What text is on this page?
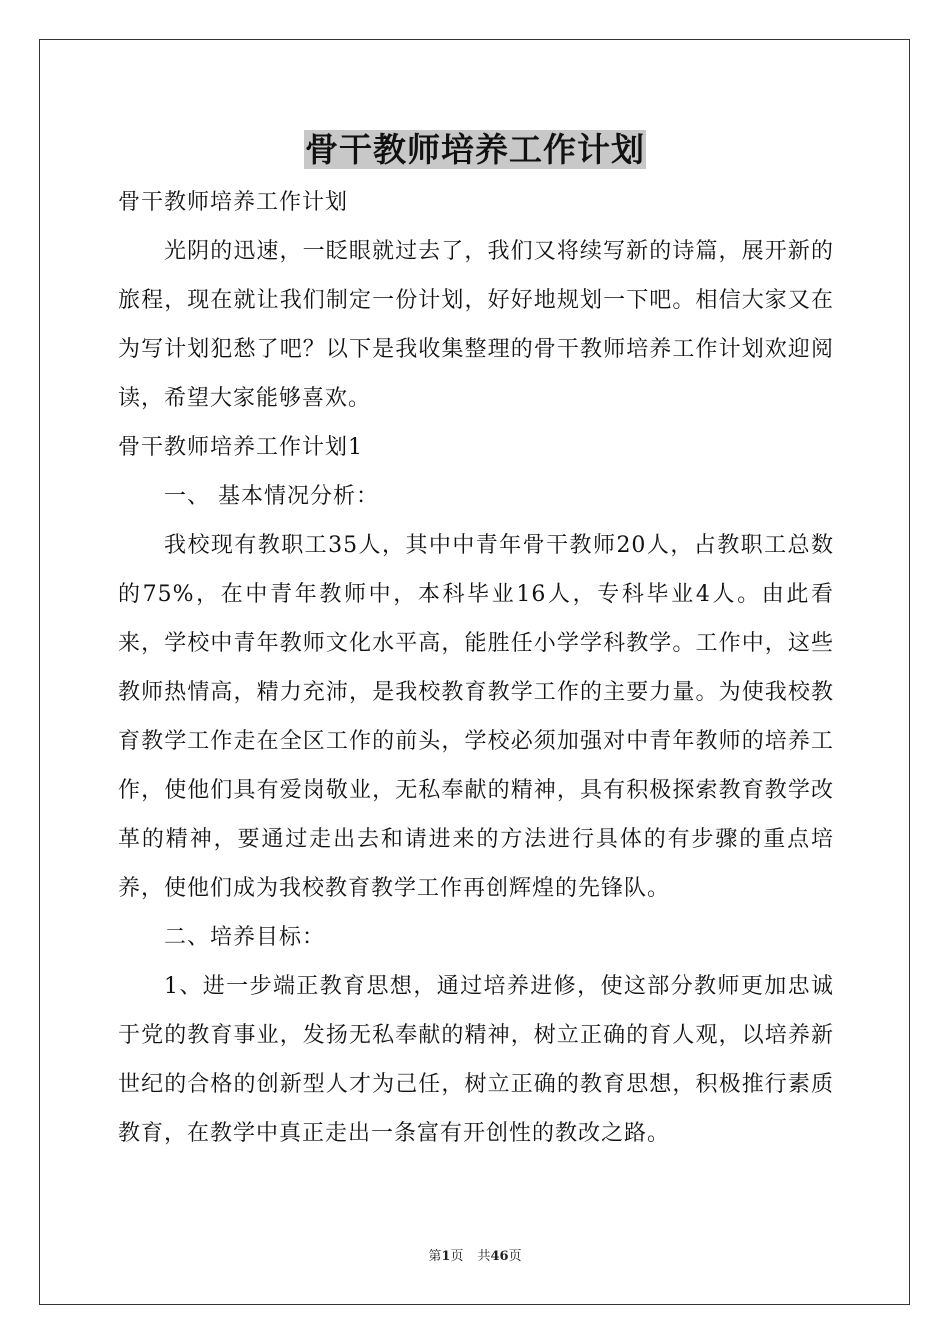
骨干教师培养工作计划

骨干教师培养工作计划

光阴的迅速，一眨眼就过去了，我们又将续写新的诗篇，展开新的旅程，现在就让我们制定一份计划，好好地规划一下吧。相信大家又在为写计划犯愁了吧？以下是我收集整理的骨干教师培养工作计划欢迎阅读，希望大家能够喜欢。

骨干教师培养工作计划1

一、 基本情况分析：

我校现有教职工35人，其中中青年骨干教师20人，占教职工总数的75%，在中青年教师中，本科毕业16人，专科毕业4人。由此看来，学校中青年教师文化水平高，能胜任小学学科教学。工作中，这些教师热情高，精力充沛，是我校教育教学工作的主要力量。为使我校教育教学工作走在全区工作的前头，学校必须加强对中青年教师的培养工作，使他们具有爱岗敬业，无私奉献的精神，具有积极探索教育教学改革的精神，要通过走出去和请进来的方法进行具体的有步骤的重点培养，使他们成为我校教育教学工作再创辉煌的先锋队。

二、培养目标：

1、进一步端正教育思想，通过培养进修，使这部分教师更加忠诚于党的教育事业，发扬无私奉献的精神，树立正确的育人观，以培养新世纪的合格的创新型人才为己任，树立正确的教育思想，积极推行素质教育，在教学中真正走出一条富有开创性的教改之路。

第1页 共46页
